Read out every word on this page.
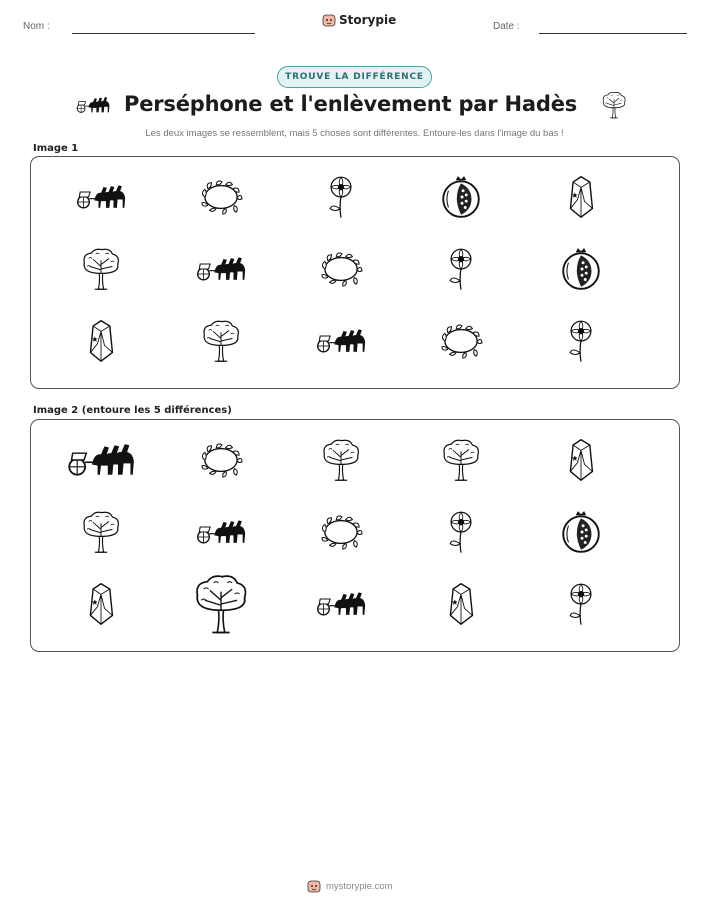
Nom :	Storypie	Date :
TROUVE LA DIFFÉRENCE
Perséphone et l'enlèvement par Hadès
Les deux images se ressemblent, mais 5 choses sont différentes. Entoure-les dans l'image du bas !
Image 1
Image 2 (entoure les 5 différences)
mystorypie.com
